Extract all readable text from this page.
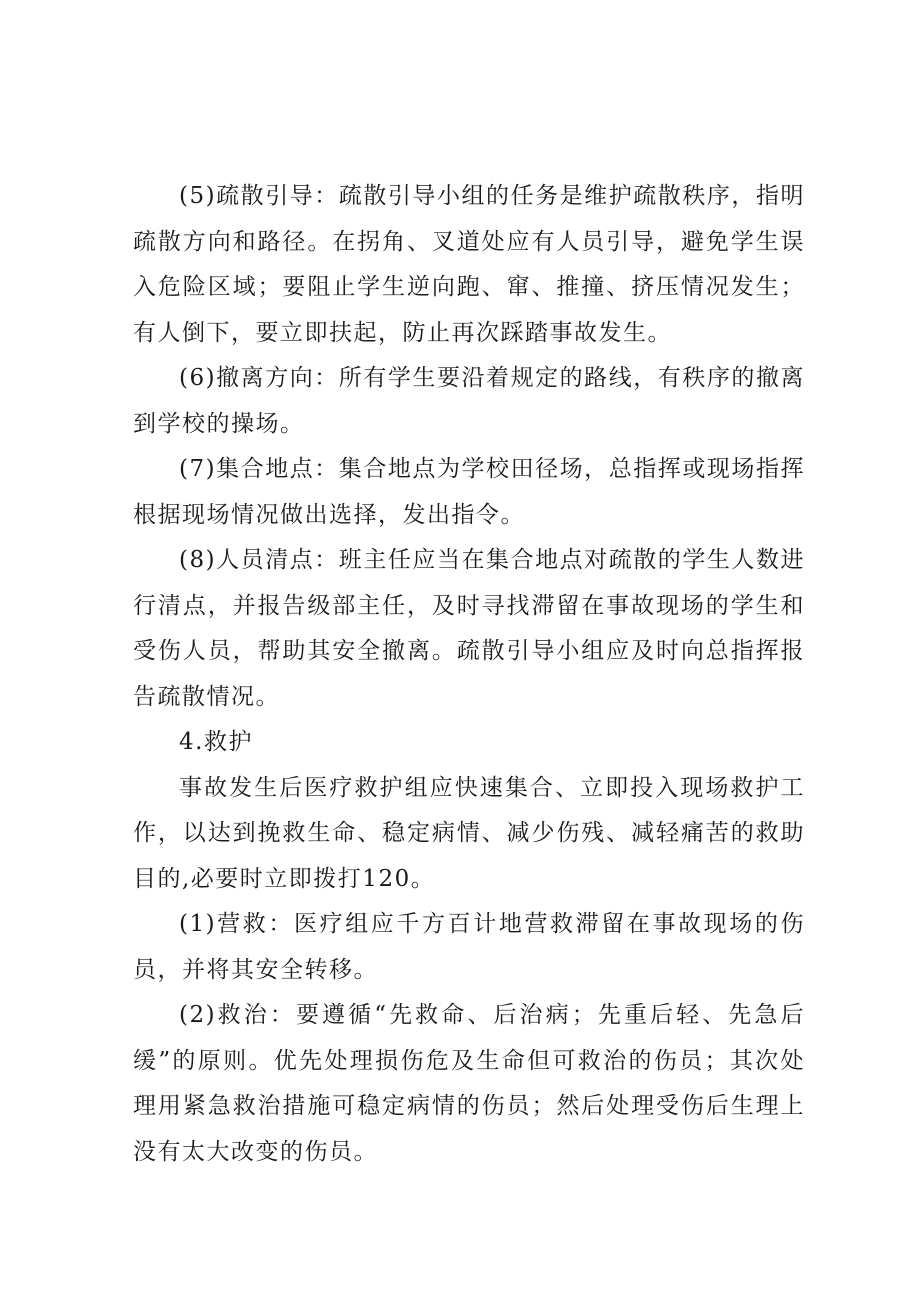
(5)疏散引导：疏散引导小组的任务是维护疏散秩序，指明疏散方向和路径。在拐角、叉道处应有人员引导，避免学生误入危险区域；要阻止学生逆向跑、窜、推撞、挤压情况发生；有人倒下，要立即扶起，防止再次踩踏事故发生。

(6)撤离方向：所有学生要沿着规定的路线，有秩序的撤离到学校的操场。

(7)集合地点：集合地点为学校田径场，总指挥或现场指挥根据现场情况做出选择，发出指令。

(8)人员清点：班主任应当在集合地点对疏散的学生人数进行清点，并报告级部主任，及时寻找滞留在事故现场的学生和受伤人员，帮助其安全撤离。疏散引导小组应及时向总指挥报告疏散情况。

4.救护

事故发生后医疗救护组应快速集合、立即投入现场救护工作，以达到挽救生命、稳定病情、减少伤残、减轻痛苦的救助目的,必要时立即拨打120。

(1)营救：医疗组应千方百计地营救滞留在事故现场的伤员，并将其安全转移。

(2)救治：要遵循“先救命、后治病；先重后轻、先急后缓”的原则。优先处理损伤危及生命但可救治的伤员；其次处理用紧急救治措施可稳定病情的伤员；然后处理受伤后生理上没有太大改变的伤员。
